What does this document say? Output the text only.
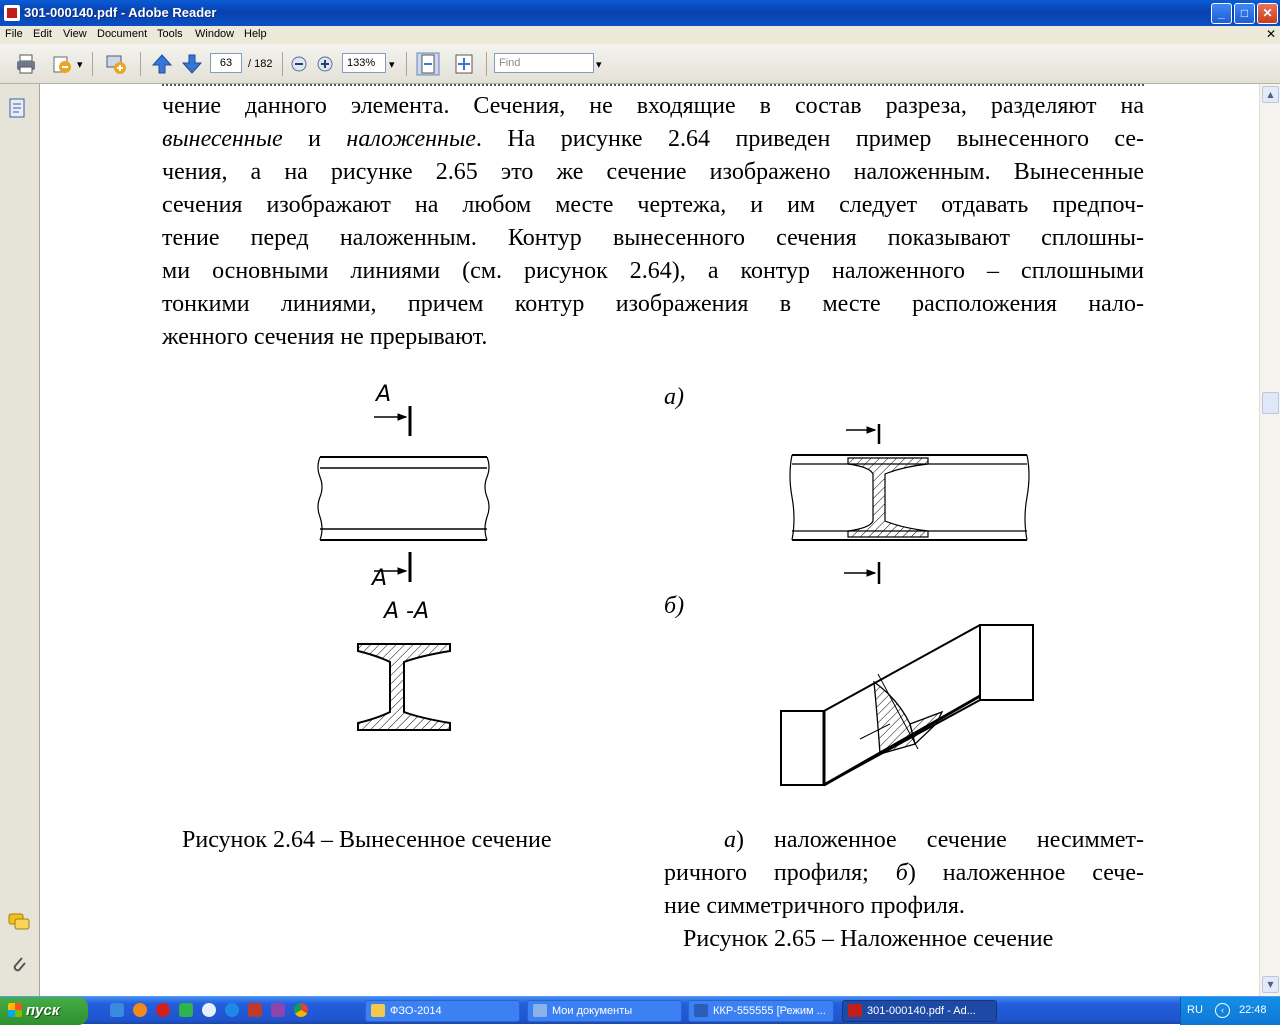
301-000140.pdf - Adobe Reader	_	□	✕
File Edit View Document Tools Window Help	✕
▾	63	/ 182	133%	▾	Find	▾
чение данного элемента. Сечения, не входящие в состав разреза, разделяют на
вынесенные и наложенные. На рисунке 2.64 приведен пример вынесенного се-
чения, а на рисунке 2.65 это же сечение изображено наложенным. Вынесенные
сечения изображают на любом месте чертежа, и им следует отдавать предпоч-
тение перед наложенным. Контур вынесенного сечения показывают сплошны-
ми основными линиями (см. рисунок 2.64), а контур наложенного – сплошными
тонкими линиями, причем контур изображения в месте расположения нало-
женного сечения не прерывают.
A
A
A -A
а)
б)
Рисунок 2.64 – Вынесенное сечение	а) наложенное сечение несиммет-
ричного профиля; б) наложенное сече-
ние симметричного профиля.
Рисунок 2.65 – Наложенное сечение
▲
▼
пуск	ФЗО-2014	Мои документы	ККР-555555 [Режим ...	301-000140.pdf - Ad...	RU	‹	22:48
